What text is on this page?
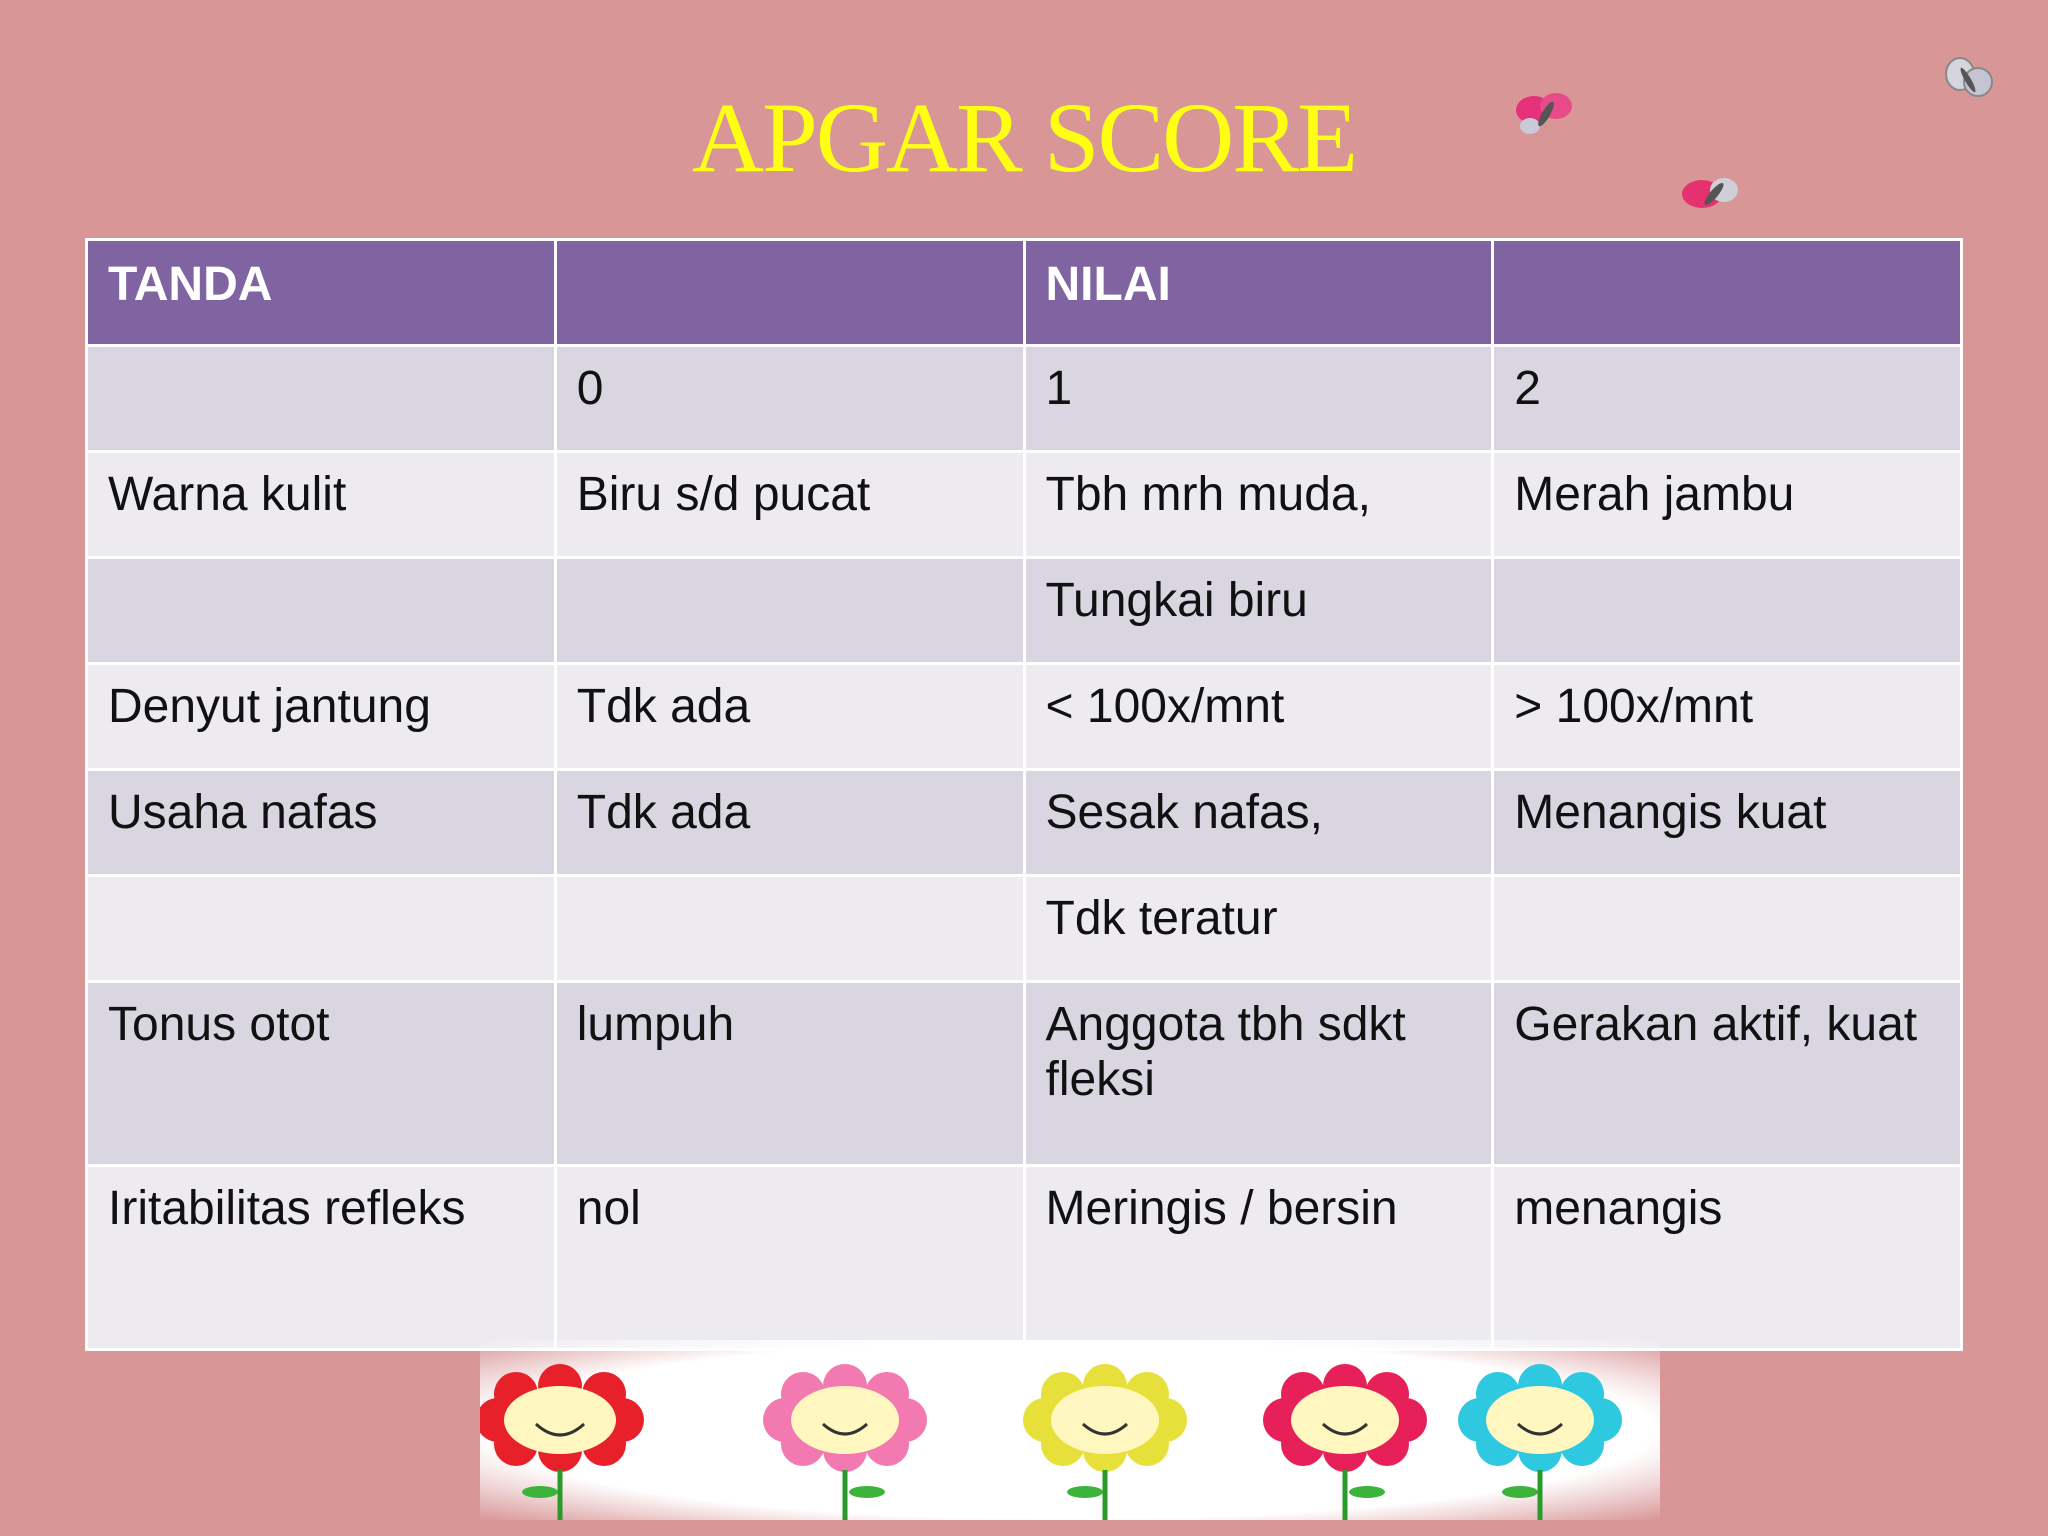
APGAR SCORE
TANDA		NILAI	
	0	1	2
Warna kulit	Biru s/d pucat	Tbh mrh muda,	Merah jambu
		Tungkai biru	
Denyut jantung	Tdk ada	< 100x/mnt	> 100x/mnt
Usaha nafas	Tdk ada	Sesak nafas,	Menangis kuat
		Tdk teratur	
Tonus otot	lumpuh	Anggota tbh sdkt fleksi	Gerakan aktif, kuat
Iritabilitas refleks	nol	Meringis / bersin	menangis
